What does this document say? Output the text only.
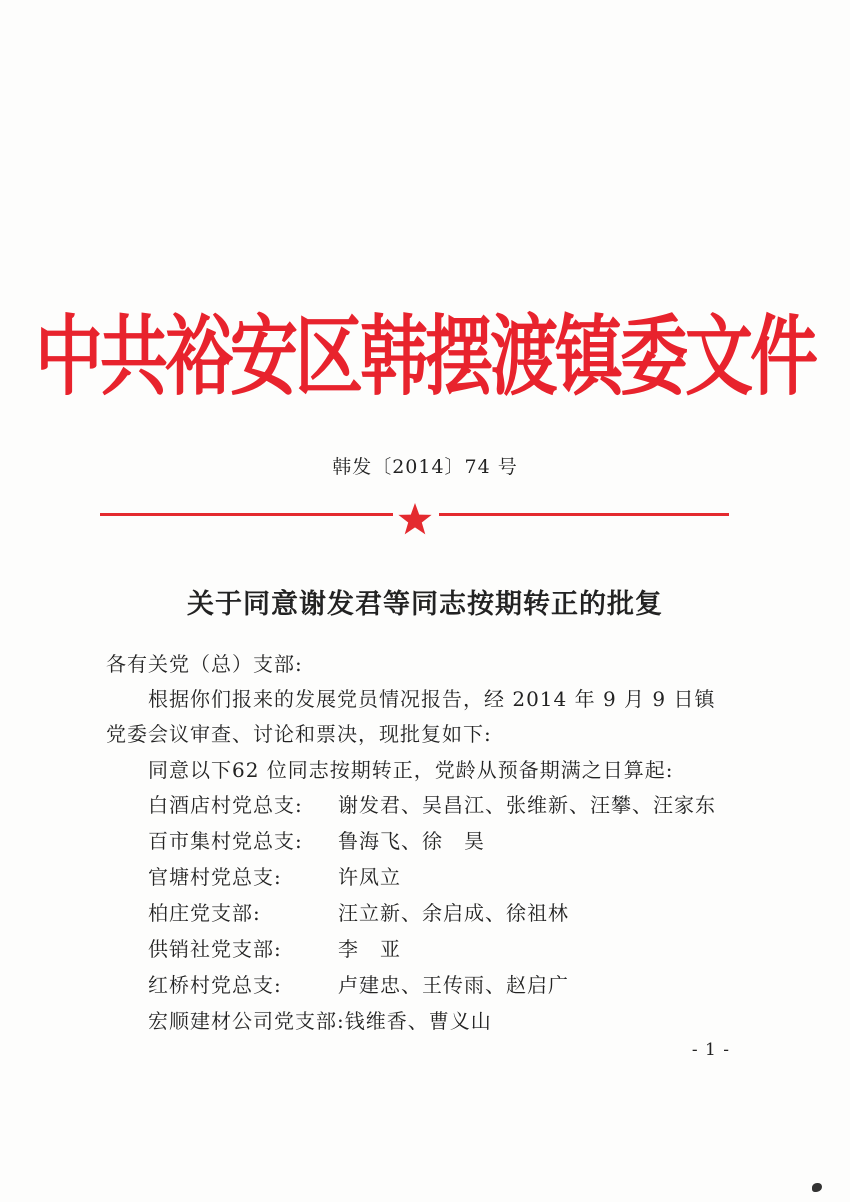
中共裕安区韩摆渡镇委文件
韩发〔2014〕74 号
关于同意谢发君等同志按期转正的批复
各有关党（总）支部:
根据你们报来的发展党员情况报告，经 2014 年 9 月 9 日镇
党委会议审查、讨论和票决，现批复如下:
同意以下62 位同志按期转正，党龄从预备期满之日算起:
白酒店村党总支: 谢发君、吴昌江、张维新、汪攀、汪家东
百市集村党总支: 鲁海飞、徐　昊
官塘村党总支:	许凤立
柏庄党支部:	汪立新、余启成、徐祖林
供销社党支部:	李　亚
红桥村党总支:	卢建忠、王传雨、赵启广
宏顺建材公司党支部:钱维香、曹义山
- 1 -
